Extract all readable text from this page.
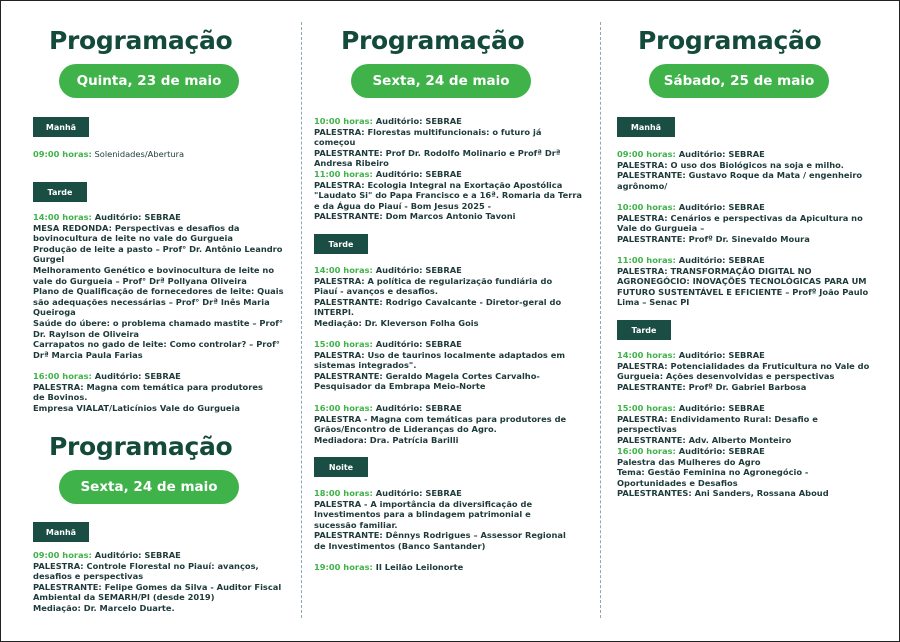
Programação
Quinta, 23 de maio
Manhã

09:00 horas: Solenidades/Abertura

Tarde

14:00 horas: Auditório: SEBRAE

MESA REDONDA: Perspectivas e desafios da bovinocultura de leite no vale do Gurgueia

Produção de leite a pasto – Prof° Dr. Antônio Leandro Gurgel

Melhoramento Genético e bovinocultura de leite no vale do Gurgueia – Prof° Drª Pollyana Oliveira

Plano de Qualificação de fornecedores de leite: Quais são adequações necessárias – Prof° Drª Inês Maria Queiroga

Saúde do úbere: o problema chamado mastite – Prof° Dr. Raylson de Oliveira

Carrapatos no gado de leite: Como controlar? – Prof° Drª Marcia Paula Farias

16:00 horas: Auditório: SEBRAE

PALESTRA: Magna com temática para produtores de Bovinos.

Empresa VIALAT/Laticínios Vale do Gurgueia

Programação
Sexta, 24 de maio
Manhã

09:00 horas: Auditório: SEBRAE

PALESTRA: Controle Florestal no Piauí: avanços, desafios e perspectivas

PALESTRANTE: Felipe Gomes da Silva - Auditor Fiscal Ambiental da SEMARH/PI (desde 2019)

Mediação: Dr. Marcelo Duarte.

Programação
Sexta, 24 de maio

10:00 horas: Auditório: SEBRAE

PALESTRA: Florestas multifuncionais: o futuro já começou

PALESTRANTE: Prof Dr. Rodolfo Molinario e Profª Drª Andresa Ribeiro

11:00 horas: Auditório: SEBRAE

PALESTRA: Ecologia Integral na Exortação Apostólica "Laudato Si" do Papa Francisco e a 16ª. Romaria da Terra e da Água do Piauí - Bom Jesus 2025 -

PALESTRANTE: Dom Marcos Antonio Tavoni

Tarde

14:00 horas: Auditório: SEBRAE

PALESTRA: A política de regularização fundiária do Piauí - avanços e desafios.

PALESTRANTE: Rodrigo Cavalcante - Diretor-geral do INTERPI.

Mediação: Dr. Kleverson Folha Gois

15:00 horas: Auditório: SEBRAE

PALESTRA: Uso de taurinos localmente adaptados em sistemas integrados".

PALESTRANTE: Geraldo Magela Cortes Carvalho- Pesquisador da Embrapa Meio-Norte

16:00 horas: Auditório: SEBRAE

PALESTRA - Magna com temáticas para produtores de Grãos/Encontro de Lideranças do Agro.

Mediadora: Dra. Patrícia Barilli

Noite

18:00 horas: Auditório: SEBRAE

PALESTRA - A importância da diversificação de Investimentos para a blindagem patrimonial e sucessão familiar.

PALESTRANTE: Dênnys Rodrigues – Assessor Regional de Investimentos (Banco Santander)

19:00 horas: II Leilão Leilonorte

Programação
Sábado, 25 de maio
Manhã

09:00 horas: Auditório: SEBRAE

PALESTRA: O uso dos Biológicos na soja e milho.

PALESTRANTE: Gustavo Roque da Mata / engenheiro agrônomo/

10:00 horas: Auditório: SEBRAE

PALESTRA: Cenários e perspectivas da Apicultura no Vale do Gurgueia –

PALESTRANTE: Profº Dr. Sinevaldo Moura

11:00 horas: Auditório: SEBRAE

PALESTRA: TRANSFORMAÇÃO DIGITAL NO AGRONEGÓCIO: INOVAÇÕES TECNOLÓGICAS PARA UM FUTURO SUSTENTÁVEL E EFICIENTE – Profº João Paulo Lima – Senac PI

Tarde

14:00 horas: Auditório: SEBRAE

PALESTRA: Potencialidades da Fruticultura no Vale do Gurgueia: Ações desenvolvidas e perspectivas

PALESTRANTE: Profº Dr. Gabriel Barbosa

15:00 horas: Auditório: SEBRAE

PALESTRA: Endividamento Rural: Desafio e perspectivas

PALESTRANTE: Adv. Alberto Monteiro

16:00 horas: Auditório: SEBRAE

Palestra das Mulheres do Agro

Tema: Gestão Feminina no Agronegócio - Oportunidades e Desafios

PALESTRANTES: Ani Sanders, Rossana Aboud
